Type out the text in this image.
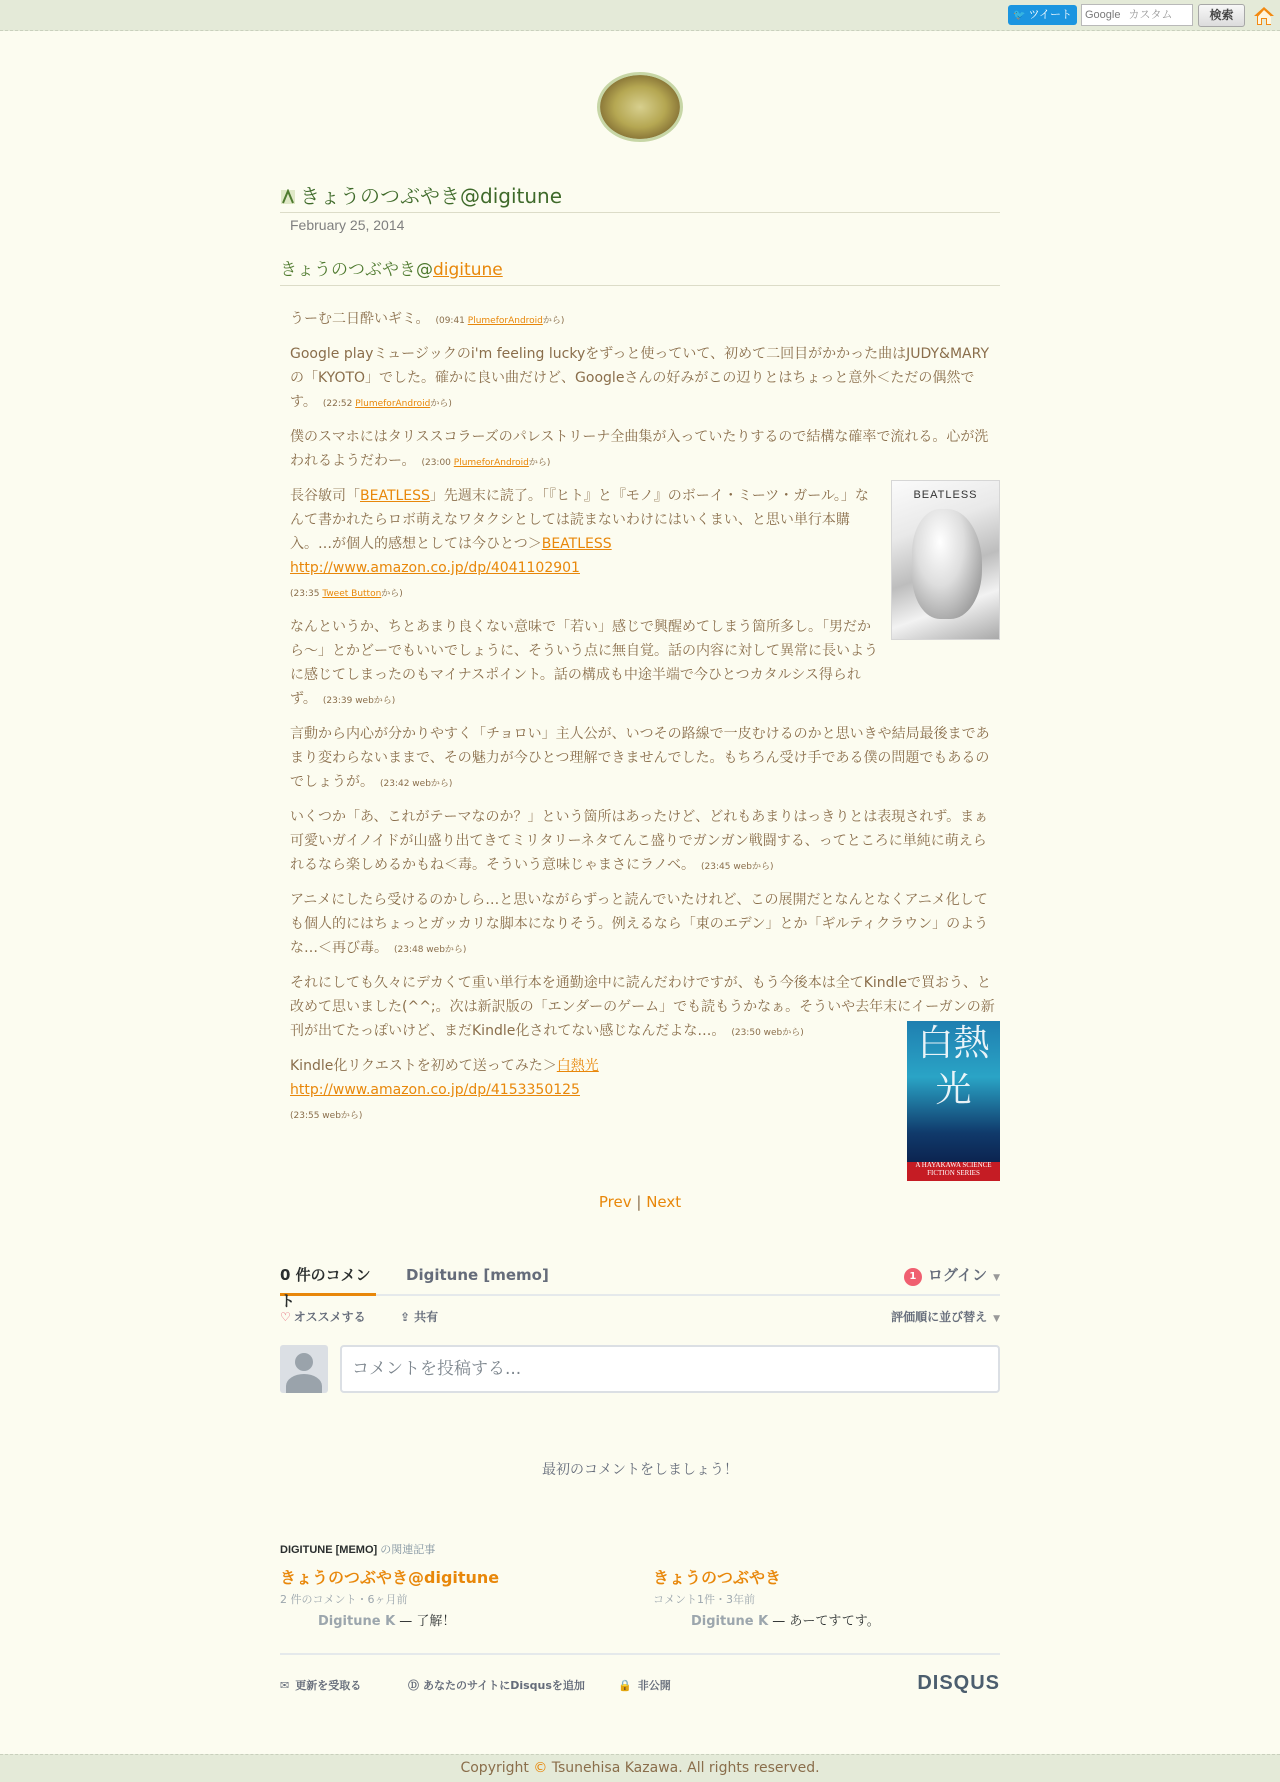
🐦 ツイート	Google カスタム	検索
きょうのつぶやき@digitune
February 25, 2014
きょうのつぶやき@digitune
うーむ二日酔いギミ。 (09:41 PlumeforAndroidから)
Google playミュージックのi'm feeling luckyをずっと使っていて、初めて二回目がかかった曲はJUDY&MARYの「KYOTO」でした。確かに良い曲だけど、Googleさんの好みがこの辺りとはちょっと意外＜ただの偶然です。 (22:52 PlumeforAndroidから)
僕のスマホにはタリススコラーズのパレストリーナ全曲集が入っていたりするので結構な確率で流れる。心が洗われるようだわー。 (23:00 PlumeforAndroidから)
長谷敏司「BEATLESS」先週末に読了。「『ヒト』と『モノ』のボーイ・ミーツ・ガール。」なんて書かれたらロボ萌えなワタクシとしては読まないわけにはいくまい、と思い単行本購入。…が個人的感想としては今ひとつ＞BEATLESS http://www.amazon.co.jp/dp/4041102901
(23:35 Tweet Buttonから)
なんというか、ちとあまり良くない意味で「若い」感じで興醒めてしまう箇所多し。「男だから〜」とかどーでもいいでしょうに、そういう点に無自覚。話の内容に対して異常に長いように感じてしまったのもマイナスポイント。話の構成も中途半端で今ひとつカタルシス得られず。 (23:39 webから)
言動から内心が分かりやすく「チョロい」主人公が、いつその路線で一皮むけるのかと思いきや結局最後まであまり変わらないままで、その魅力が今ひとつ理解できませんでした。もちろん受け手である僕の問題でもあるのでしょうが。 (23:42 webから)
いくつか「あ、これがテーマなのか？」という箇所はあったけど、どれもあまりはっきりとは表現されず。まぁ可愛いガイノイドが山盛り出てきてミリタリーネタてんこ盛りでガンガン戦闘する、ってところに単純に萌えられるなら楽しめるかもね＜毒。そういう意味じゃまさにラノベ。 (23:45 webから)
アニメにしたら受けるのかしら…と思いながらずっと読んでいたけれど、この展開だとなんとなくアニメ化しても個人的にはちょっとガッカリな脚本になりそう。例えるなら「東のエデン」とか「ギルティクラウン」のような…＜再び毒。 (23:48 webから)
それにしても久々にデカくて重い単行本を通勤途中に読んだわけですが、もう今後本は全てKindleで買おう、と改めて思いました(^^;。次は新訳版の「エンダーのゲーム」でも読もうかなぁ。そういや去年末にイーガンの新刊が出てたっぽいけど、まだKindle化されてない感じなんだよな…。 (23:50 webから)
Kindle化リクエストを初めて送ってみた＞白熱光 http://www.amazon.co.jp/dp/4153350125
(23:55 webから)
BEATLESS
白熱光
A HAYAKAWA SCIENCE FICTION SERIES
Prev | Next
0 件のコメント
Digitune [memo]	1 ログイン ▼
♡ オススメする	⇪ 共有	評価順に並び替え ▼
コメントを投稿する...
最初のコメントをしましょう！
DIGITUNE [MEMO] の関連記事
きょうのつぶやき@digitune
2 件のコメント・6ヶ月前
Digitune K — 了解！
きょうのつぶやき
コメント1件・3年前
Digitune K — あーてすてす。
✉ 更新を受取る	Ⓓ あなたのサイトにDisqusを追加	🔒 非公開	DISQUS
Copyright © Tsunehisa Kazawa. All rights reserved.
